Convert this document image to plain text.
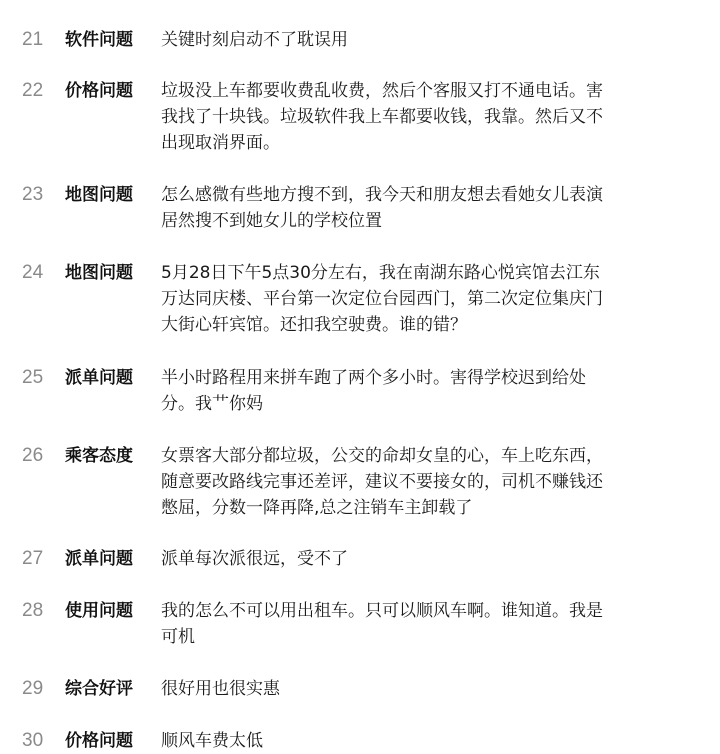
21	软件问题 关键时刻启动不了耽误用
22	价格问题 垃圾没上车都要收费乱收费，然后个客服又打不通电话。害
我找了十块钱。垃圾软件我上车都要收钱，我靠。然后又不
出现取消界面。
23	地图问题 怎么感微有些地方搜不到，我今天和朋友想去看她女儿表演
居然搜不到她女儿的学校位置
24	地图问题 5月28日下午5点30分左右，我在南湖东路心悦宾馆去江东
万达同庆楼、平台第一次定位台园西门，第二次定位集庆门
大街心轩宾馆。还扣我空驶费。谁的错？
25	派单问题 半小时路程用来拼车跑了两个多小时。害得学校迟到给处
分。我艹你妈
26	乘客态度 女票客大部分都垃圾，公交的命却女皇的心，车上吃东西，
随意要改路线完事还差评，建议不要接女的，司机不赚钱还
憋屈，分数一降再降,总之注销车主卸载了
27	派单问题 派单每次派很远，受不了
28	使用问题 我的怎么不可以用出租车。只可以顺风车啊。谁知道。我是
可机
29	综合好评 很好用也很实惠
30	价格问题 顺风车费太低
